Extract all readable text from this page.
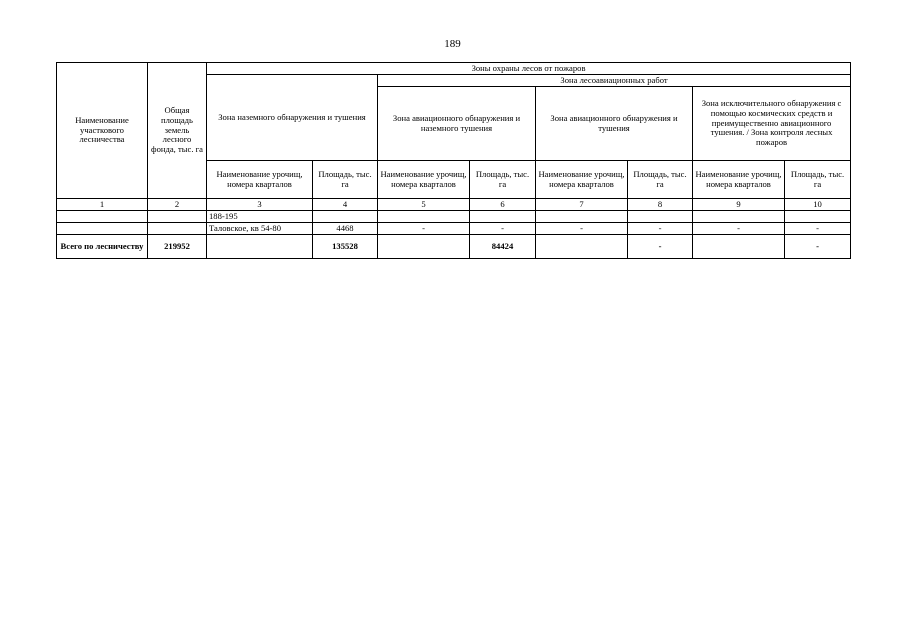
189
Наименование участкового лесничества	Общая площадь земель лесного фонда, тыс. га	Зоны охраны лесов от пожаров							
		Зона наземного обнаружения и тушения		Зона лесоавиационных работ					
				Зона авиационного обнаружения и наземного тушения		Зона авиационного обнаружения и тушения		Зона исключительного обнаружения с помощью космических средств и преимущественно авиационного тушения. / Зона контроля лесных пожаров	
		Наименование урочищ, номера кварталов	Площадь, тыс. га	Наименование урочищ, номера кварталов	Площадь, тыс. га	Наименование урочищ, номера кварталов	Площадь, тыс. га	Наименование урочищ, номера кварталов	Площадь, тыс. га
1	2	3	4	5	6	7	8	9	10
		188-195							
		Таловское, кв 54-80	4468	-	-	-	-	-	-
Всего по лесничеству	219952		135528		84424		-		-
